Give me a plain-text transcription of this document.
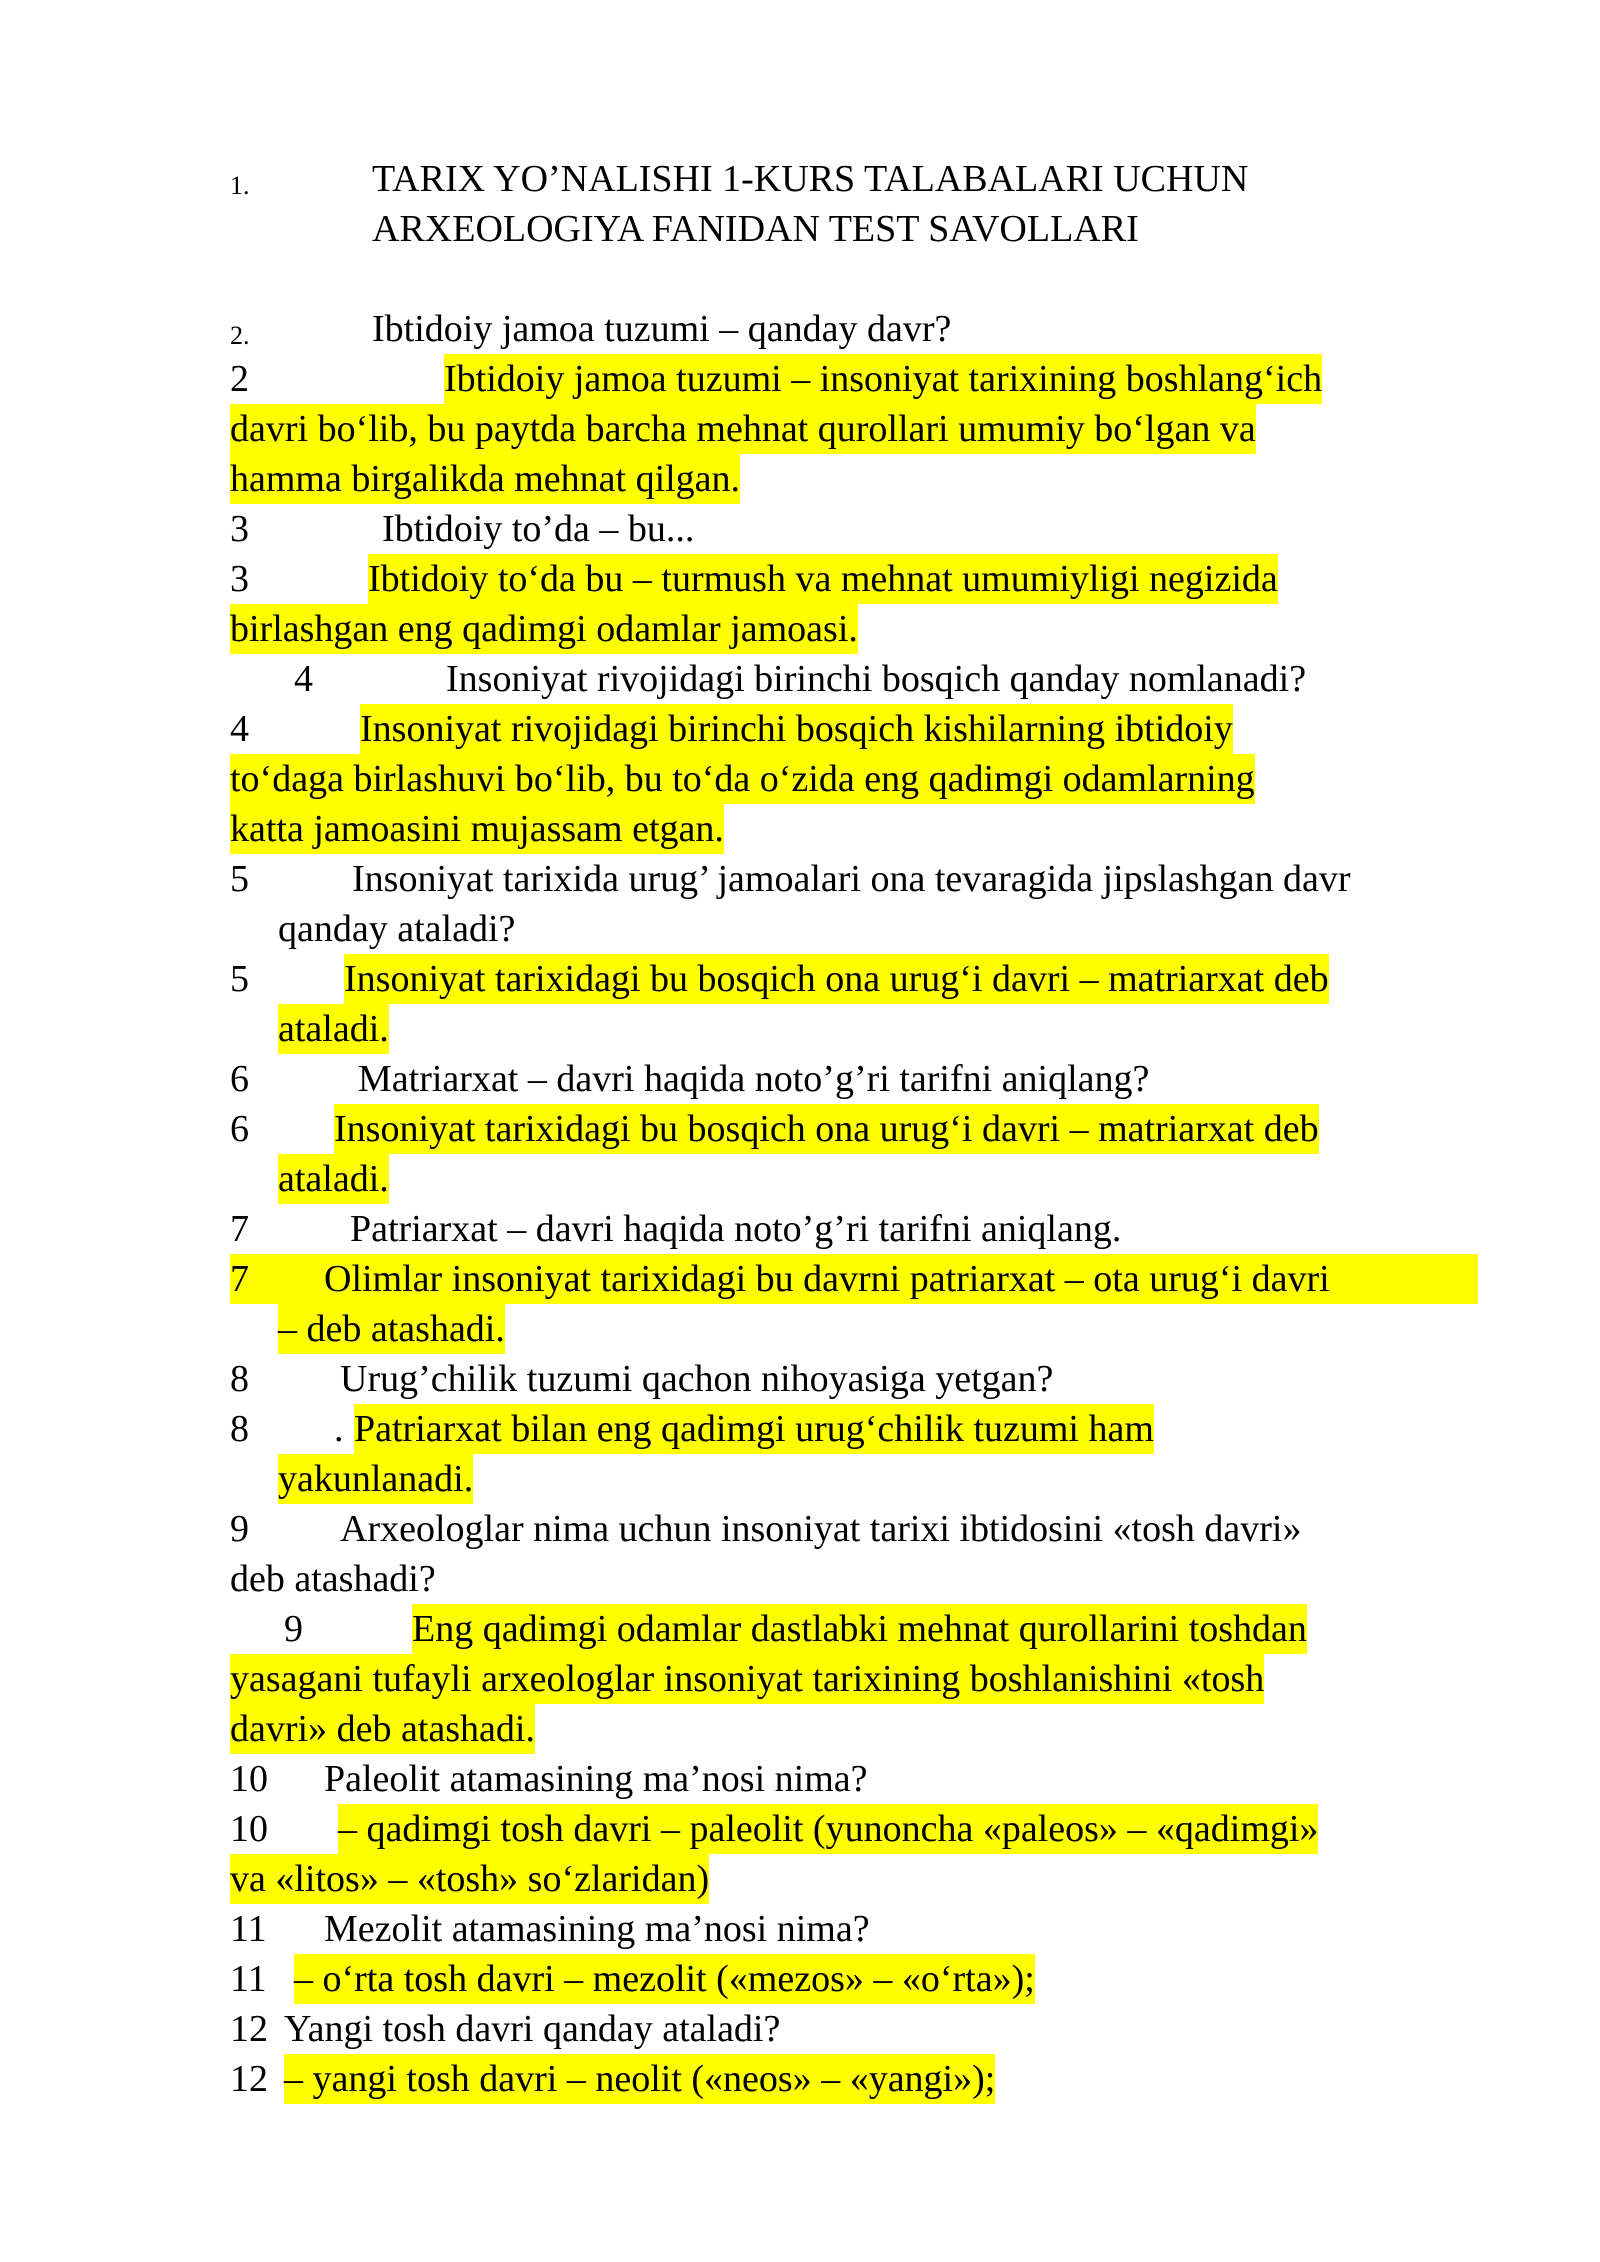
1.	TARIX YO’NALISHI 1-KURS TALABALARI UCHUN
ARXEOLOGIYA FANIDAN TEST SAVOLLARI
2.	Ibtidoiy jamoa tuzumi – qanday davr?
2	Ibtidoiy jamoa tuzumi – insoniyat tarixining boshlang‘ich
davri bo‘lib, bu paytda barcha mehnat qurollari umumiy bo‘lgan va
hamma birgalikda mehnat qilgan.
3	Ibtidoiy to’da – bu...
3	Ibtidoiy to‘da bu – turmush va mehnat umumiyligi negizida
birlashgan eng qadimgi odamlar jamoasi.
4	Insoniyat rivojidagi birinchi bosqich qanday nomlanadi?
4	Insoniyat rivojidagi birinchi bosqich kishilarning ibtidoiy
to‘daga birlashuvi bo‘lib, bu to‘da o‘zida eng qadimgi odamlarning
katta jamoasini mujassam etgan.
5	Insoniyat tarixida urug’ jamoalari ona tevaragida jipslashgan davr
qanday ataladi?
5	Insoniyat tarixidagi bu bosqich ona urug‘i davri – matriarxat deb
ataladi.
6	Matriarxat – davri haqida noto’g’ri tarifni aniqlang?
6 Insoniyat tarixidagi bu bosqich ona urug‘i davri – matriarxat deb
ataladi.
7	Patriarxat – davri haqida noto’g’ri tarifni aniqlang.
7	Olimlar insoniyat tarixidagi bu davrni patriarxat – ota urug‘i davri
– deb atashadi.
8 Urug’chilik tuzumi qachon nihoyasiga yetgan?
8 . Patriarxat bilan eng qadimgi urug‘chilik tuzumi ham
yakunlanadi.
9 Arxeologlar nima uchun insoniyat tarixi ibtidosini «tosh davri»
deb atashadi?
9	Eng qadimgi odamlar dastlabki mehnat qurollarini toshdan
yasagani tufayli arxeologlar insoniyat tarixining boshlanishini «tosh
davri» deb atashadi.
10 Paleolit atamasining ma’nosi nima?
10 – qadimgi tosh davri – paleolit (yunoncha «paleos» – «qadimgi»
va «litos» – «tosh» so‘zlaridan)
11 Mezolit atamasining ma’nosi nima?
11 – o‘rta tosh davri – mezolit («mezos» – «o‘rta»);
12 Yangi tosh davri qanday ataladi?
12 – yangi tosh davri – neolit («neos» – «yangi»);
